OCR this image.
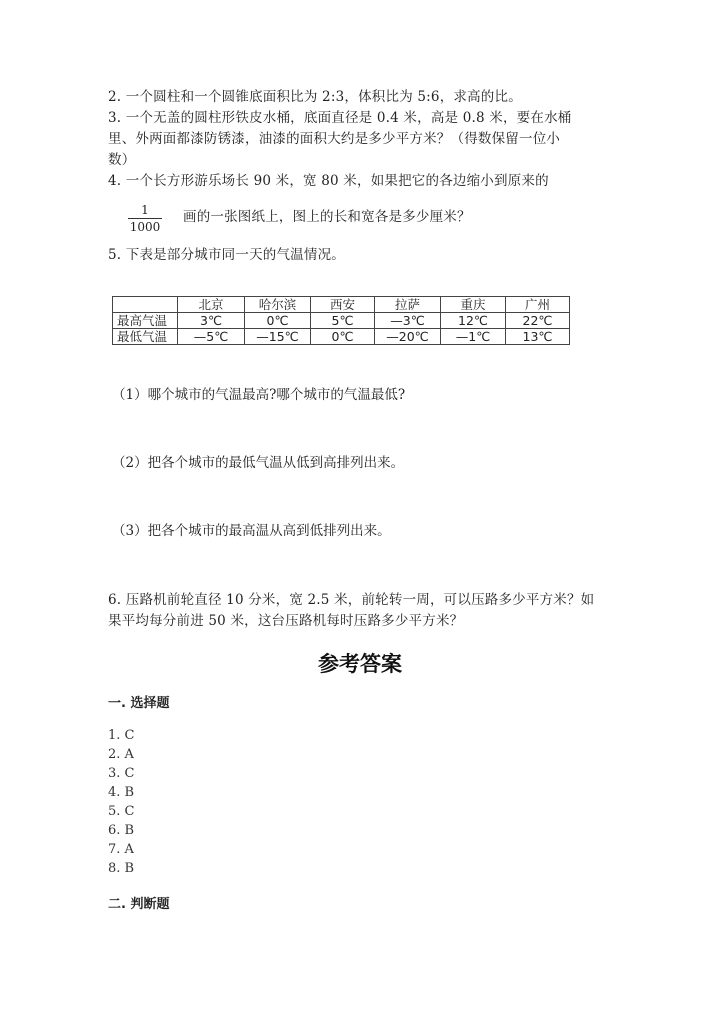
2. 一个圆柱和一个圆锥底面积比为 2:3，体积比为 5:6，求高的比。
3. 一个无盖的圆柱形铁皮水桶，底面直径是 0.4 米，高是 0.8 米，要在水桶
里、外两面都漆防锈漆，油漆的面积大约是多少平方米？（得数保留一位小
数）
4. 一个长方形游乐场长 90 米，宽 80 米，如果把它的各边缩小到原来的
$\frac{1}{1000}$ 画的一张图纸上，图上的长和宽各是多少厘米？
5. 下表是部分城市同一天的气温情况。
	北京	哈尔滨	西安	拉萨	重庆	广州
最高气温	3℃	0℃	5℃	—3℃	12℃	22℃
最低气温	—5℃	—15℃	0℃	—20℃	—1℃	13℃
（1）哪个城市的气温最高?哪个城市的气温最低?
（2）把各个城市的最低气温从低到高排列出来。
（3）把各个城市的最高温从高到低排列出来。
6. 压路机前轮直径 10 分米，宽 2.5 米，前轮转一周，可以压路多少平方米？如
果平均每分前进 50 米，这台压路机每时压路多少平方米？
参考答案
一. 选择题
1. C
2. A
3. C
4. B
5. C
6. B
7. A
8. B
二. 判断题
